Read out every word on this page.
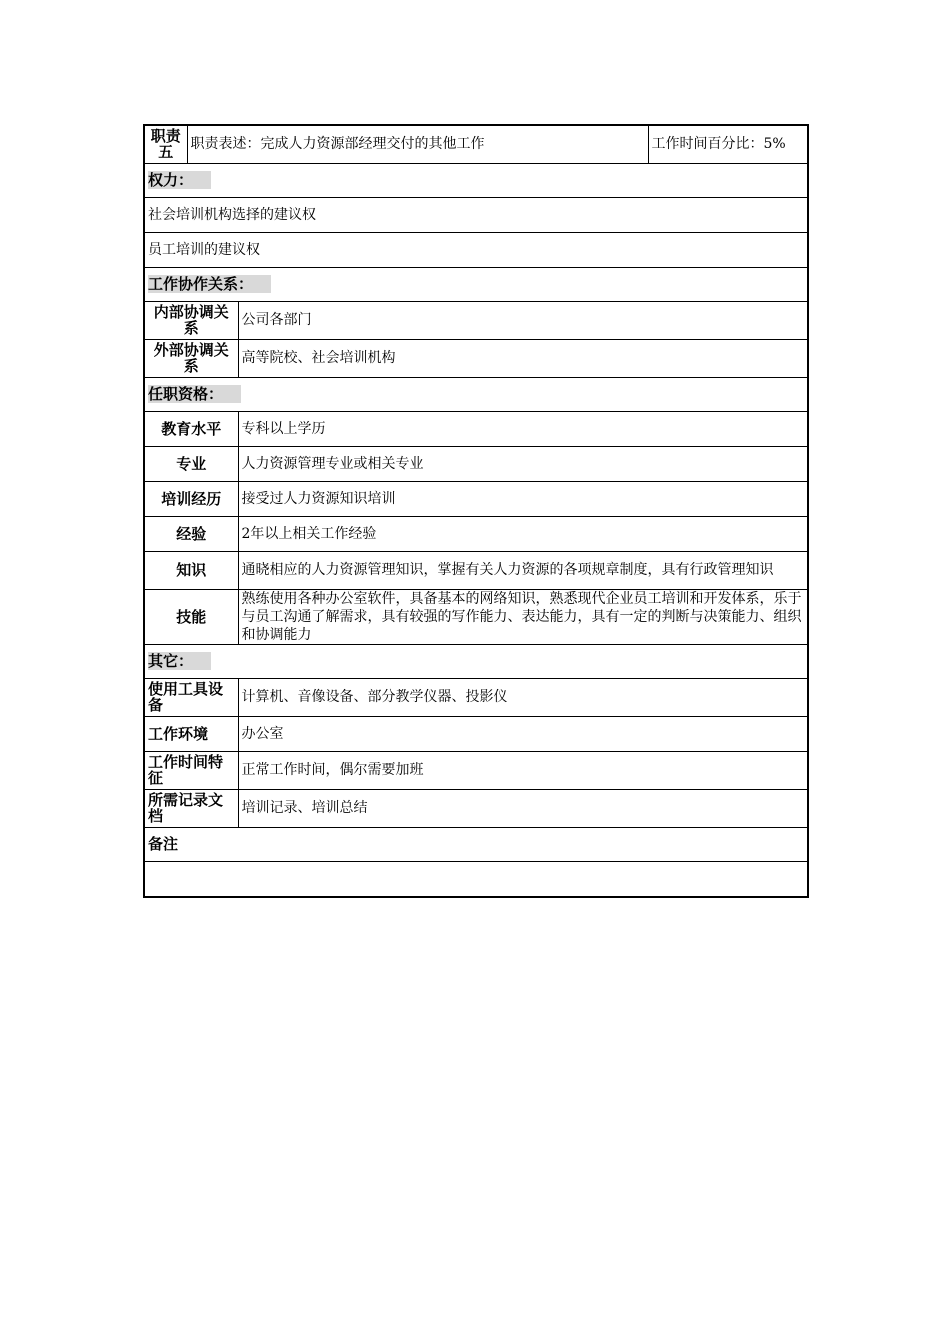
职责五	职责表述：完成人力资源部经理交付的其他工作		工作时间百分比：5%
权力：			
社会培训机构选择的建议权			
员工培训的建议权			
工作协作关系：			
内部协调关系		公司各部门	
外部协调关系		高等院校、社会培训机构	
任职资格：			
教育水平		专科以上学历	
专业		人力资源管理专业或相关专业	
培训经历		接受过人力资源知识培训	
经验		2年以上相关工作经验	
知识		通晓相应的人力资源管理知识，掌握有关人力资源的各项规章制度，具有行政管理知识	
技能		熟练使用各种办公室软件，具备基本的网络知识，熟悉现代企业员工培训和开发体系，乐于与员工沟通了解需求，具有较强的写作能力、表达能力，具有一定的判断与决策能力、组织和协调能力	
其它：			
使用工具设备		计算机、音像设备、部分教学仪器、投影仪	
工作环境		办公室	
工作时间特征		正常工作时间，偶尔需要加班	
所需记录文档		培训记录、培训总结	
备注			
